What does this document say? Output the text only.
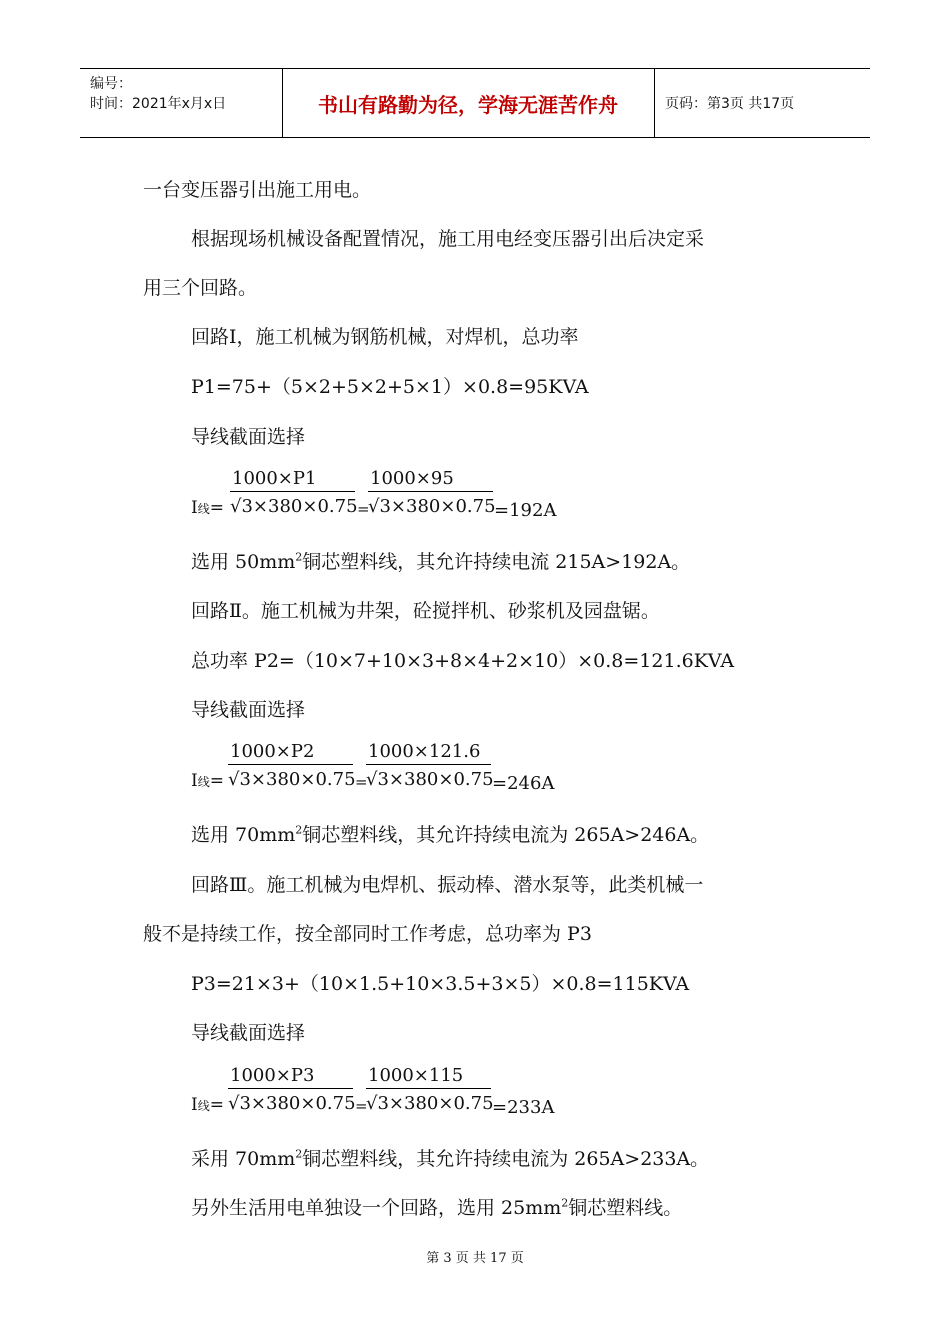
编号：
时间：2021年x月x日	书山有路勤为径，学海无涯苦作舟	页码：第3页 共17页
一台变压器引出施工用电。
根据现场机械设备配置情况，施工用电经变压器引出后决定采
用三个回路。
回路I，施工机械为钢筋机械，对焊机，总功率
P1=75+（5×2+5×2+5×1）×0.8=95KVA
导线截面选择
I线=
1000×P1
√3×380×0.75 =
1000×95
√3×380×0.75
=192A
选用 $50mm^2$铜芯塑料线，其允许持续电流 215A>192A。
回路Ⅱ。施工机械为井架，砼搅拌机、砂浆机及园盘锯。
总功率 P2=（10×7+10×3+8×4+2×10）×0.8=121.6KVA
导线截面选择
I线=
1000×P2
√3×380×0.75 =
1000×121.6
√3×380×0.75
=246A
选用 $70mm^2$铜芯塑料线，其允许持续电流为 265A>246A。
回路Ⅲ。施工机械为电焊机、振动棒、潜水泵等，此类机械一
般不是持续工作，按全部同时工作考虑，总功率为 P3
P3=21×3+（10×1.5+10×3.5+3×5）×0.8=115KVA
导线截面选择
I线=
1000×P3
√3×380×0.75 =
1000×115
√3×380×0.75
=233A
采用 $70mm^2$铜芯塑料线，其允许持续电流为 265A>233A。
另外生活用电单独设一个回路，选用 $25mm^2$铜芯塑料线。
第 3 页 共 17 页
